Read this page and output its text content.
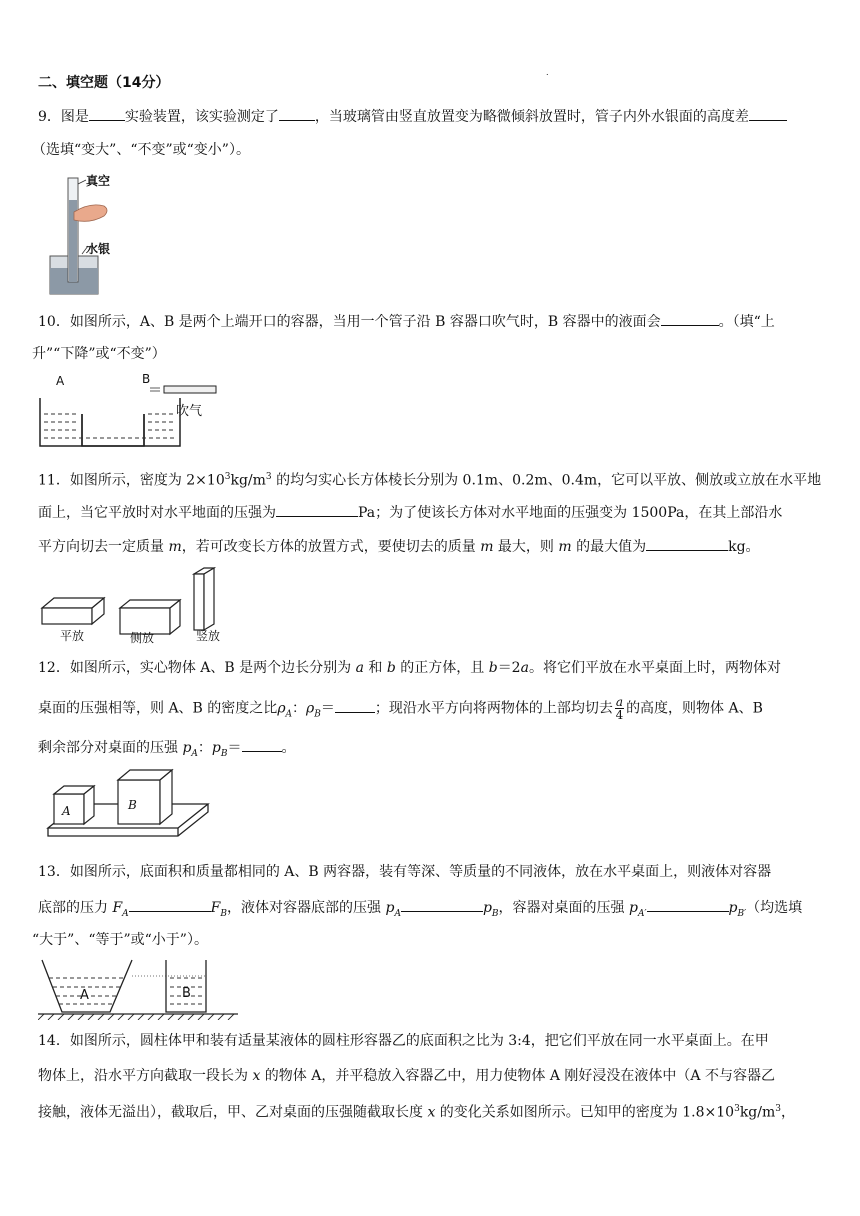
二、填空题（14分）
.
9．图是	实验装置，该实验测定了	，当玻璃管由竖直放置变为略微倾斜放置时，管子内外水银面的高度差
（选填“变大”、“不变”或“变小”）。
真空
水银
10．如图所示，A、B 是两个上端开口的容器，当用一个管子沿 B 容器口吹气时，B 容器中的液面会	。（填“上
升”“下降”或“不变”）
A	B
吹气
11．如图所示，密度为 $2\times 10^3kg/m^3$ 的均匀实心长方体棱长分别为 0.1m、0.2m、0.4m，它可以平放、侧放或立放在水平地
面上，当它平放时对水平地面的压强为	Pa；为了使该长方体对水平地面的压强变为 1500Pa，在其上部沿水
平方向切去一定质量 m，若可改变长方体的放置方式，要使切去的质量 m 最大，则 m 的最大值为	kg。
平放	侧放	竖放
12．如图所示，实心物体 A、B 是两个边长分别为 a 和 b 的正方体，且 b＝2a。将它们平放在水平桌面上时，两物体对
桌面的压强相等，则 A、B 的密度之比$\rho_A$：$\rho_B=$	；现沿水平方向将两物体的上部均切去 $\frac{a}{4}$ 的高度，则物体 A、B
剩余部分对桌面的压强 $p_A$：$p_B=$	。
A	B
13．如图所示，底面积和质量都相同的 A、B 两容器，装有等深、等质量的不同液体，放在水平桌面上，则液体对容器
底部的压力 $F_A$	$F_B$，液体对容器底部的压强 $p_A$	$p_B$，容器对桌面的压强 $p_{A'}$	$p_{B'}$（均选填
“大于”、“等于”或“小于”）。
A	B
14．如图所示，圆柱体甲和装有适量某液体的圆柱形容器乙的底面积之比为 3:4，把它们平放在同一水平桌面上。在甲
物体上，沿水平方向截取一段长为 x 的物体 A，并平稳放入容器乙中，用力使物体 A 刚好浸没在液体中（A 不与容器乙
接触，液体无溢出），截取后，甲、乙对桌面的压强随截取长度 x 的变化关系如图所示。已知甲的密度为 $1.8\times 10^3kg/m^3$，
